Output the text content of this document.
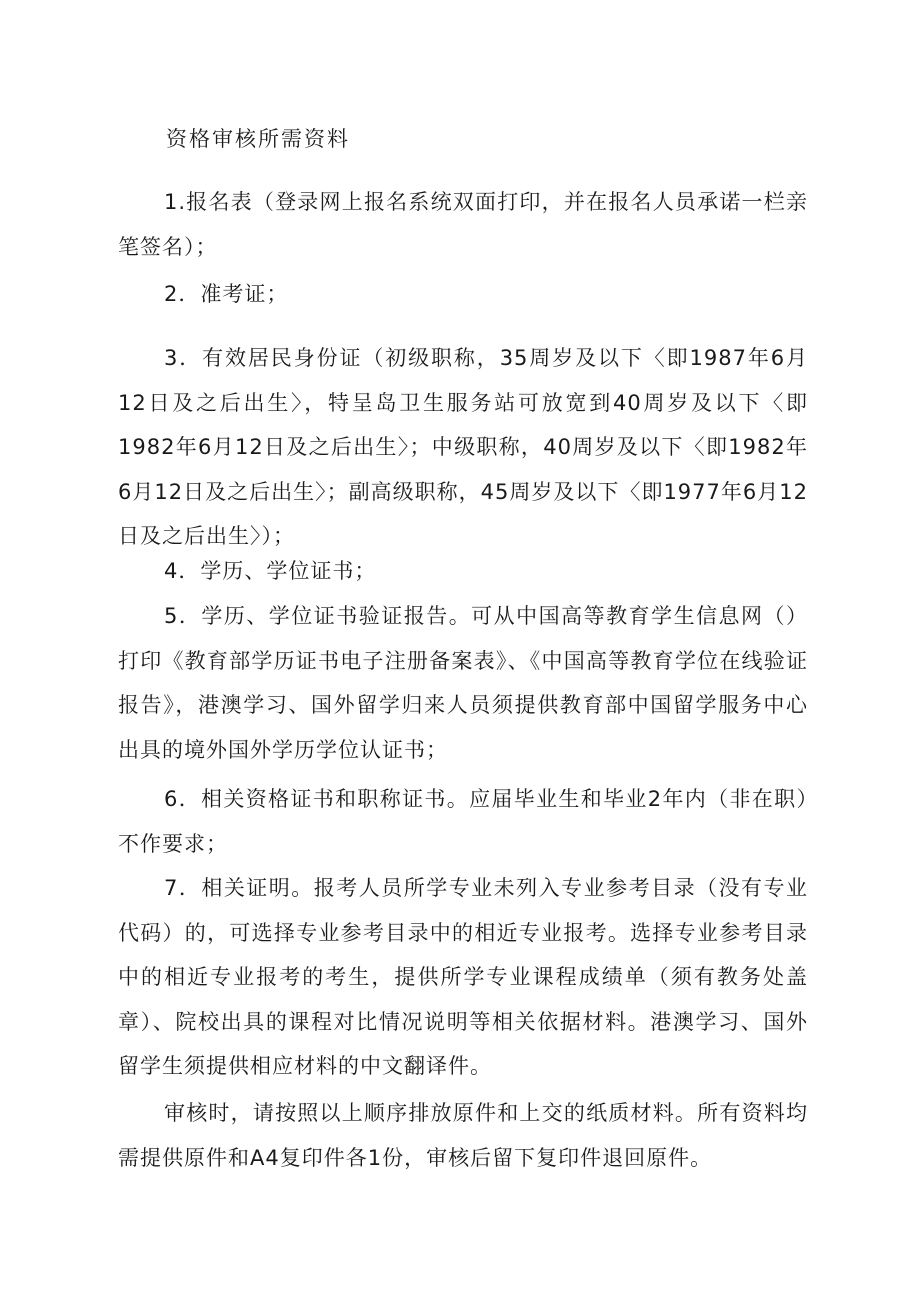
资格审核所需资料

1.报名表（登录网上报名系统双面打印，并在报名人员承诺一栏亲笔签名）；

2．准考证；

3．有效居民身份证（初级职称，35周岁及以下〈即1987年6月12日及之后出生〉，特呈岛卫生服务站可放宽到40周岁及以下〈即1982年6月12日及之后出生〉；中级职称，40周岁及以下〈即1982年6月12日及之后出生〉；副高级职称，45周岁及以下〈即1977年6月12日及之后出生〉）；

4．学历、学位证书；

5．学历、学位证书验证报告。可从中国高等教育学生信息网（）打印《教育部学历证书电子注册备案表》、《中国高等教育学位在线验证报告》，港澳学习、国外留学归来人员须提供教育部中国留学服务中心出具的境外国外学历学位认证书；

6．相关资格证书和职称证书。应届毕业生和毕业2年内（非在职）不作要求；

7．相关证明。报考人员所学专业未列入专业参考目录（没有专业代码）的，可选择专业参考目录中的相近专业报考。选择专业参考目录中的相近专业报考的考生，提供所学专业课程成绩单（须有教务处盖章）、院校出具的课程对比情况说明等相关依据材料。港澳学习、国外留学生须提供相应材料的中文翻译件。

审核时，请按照以上顺序排放原件和上交的纸质材料。所有资料均需提供原件和A4复印件各1份，审核后留下复印件退回原件。
